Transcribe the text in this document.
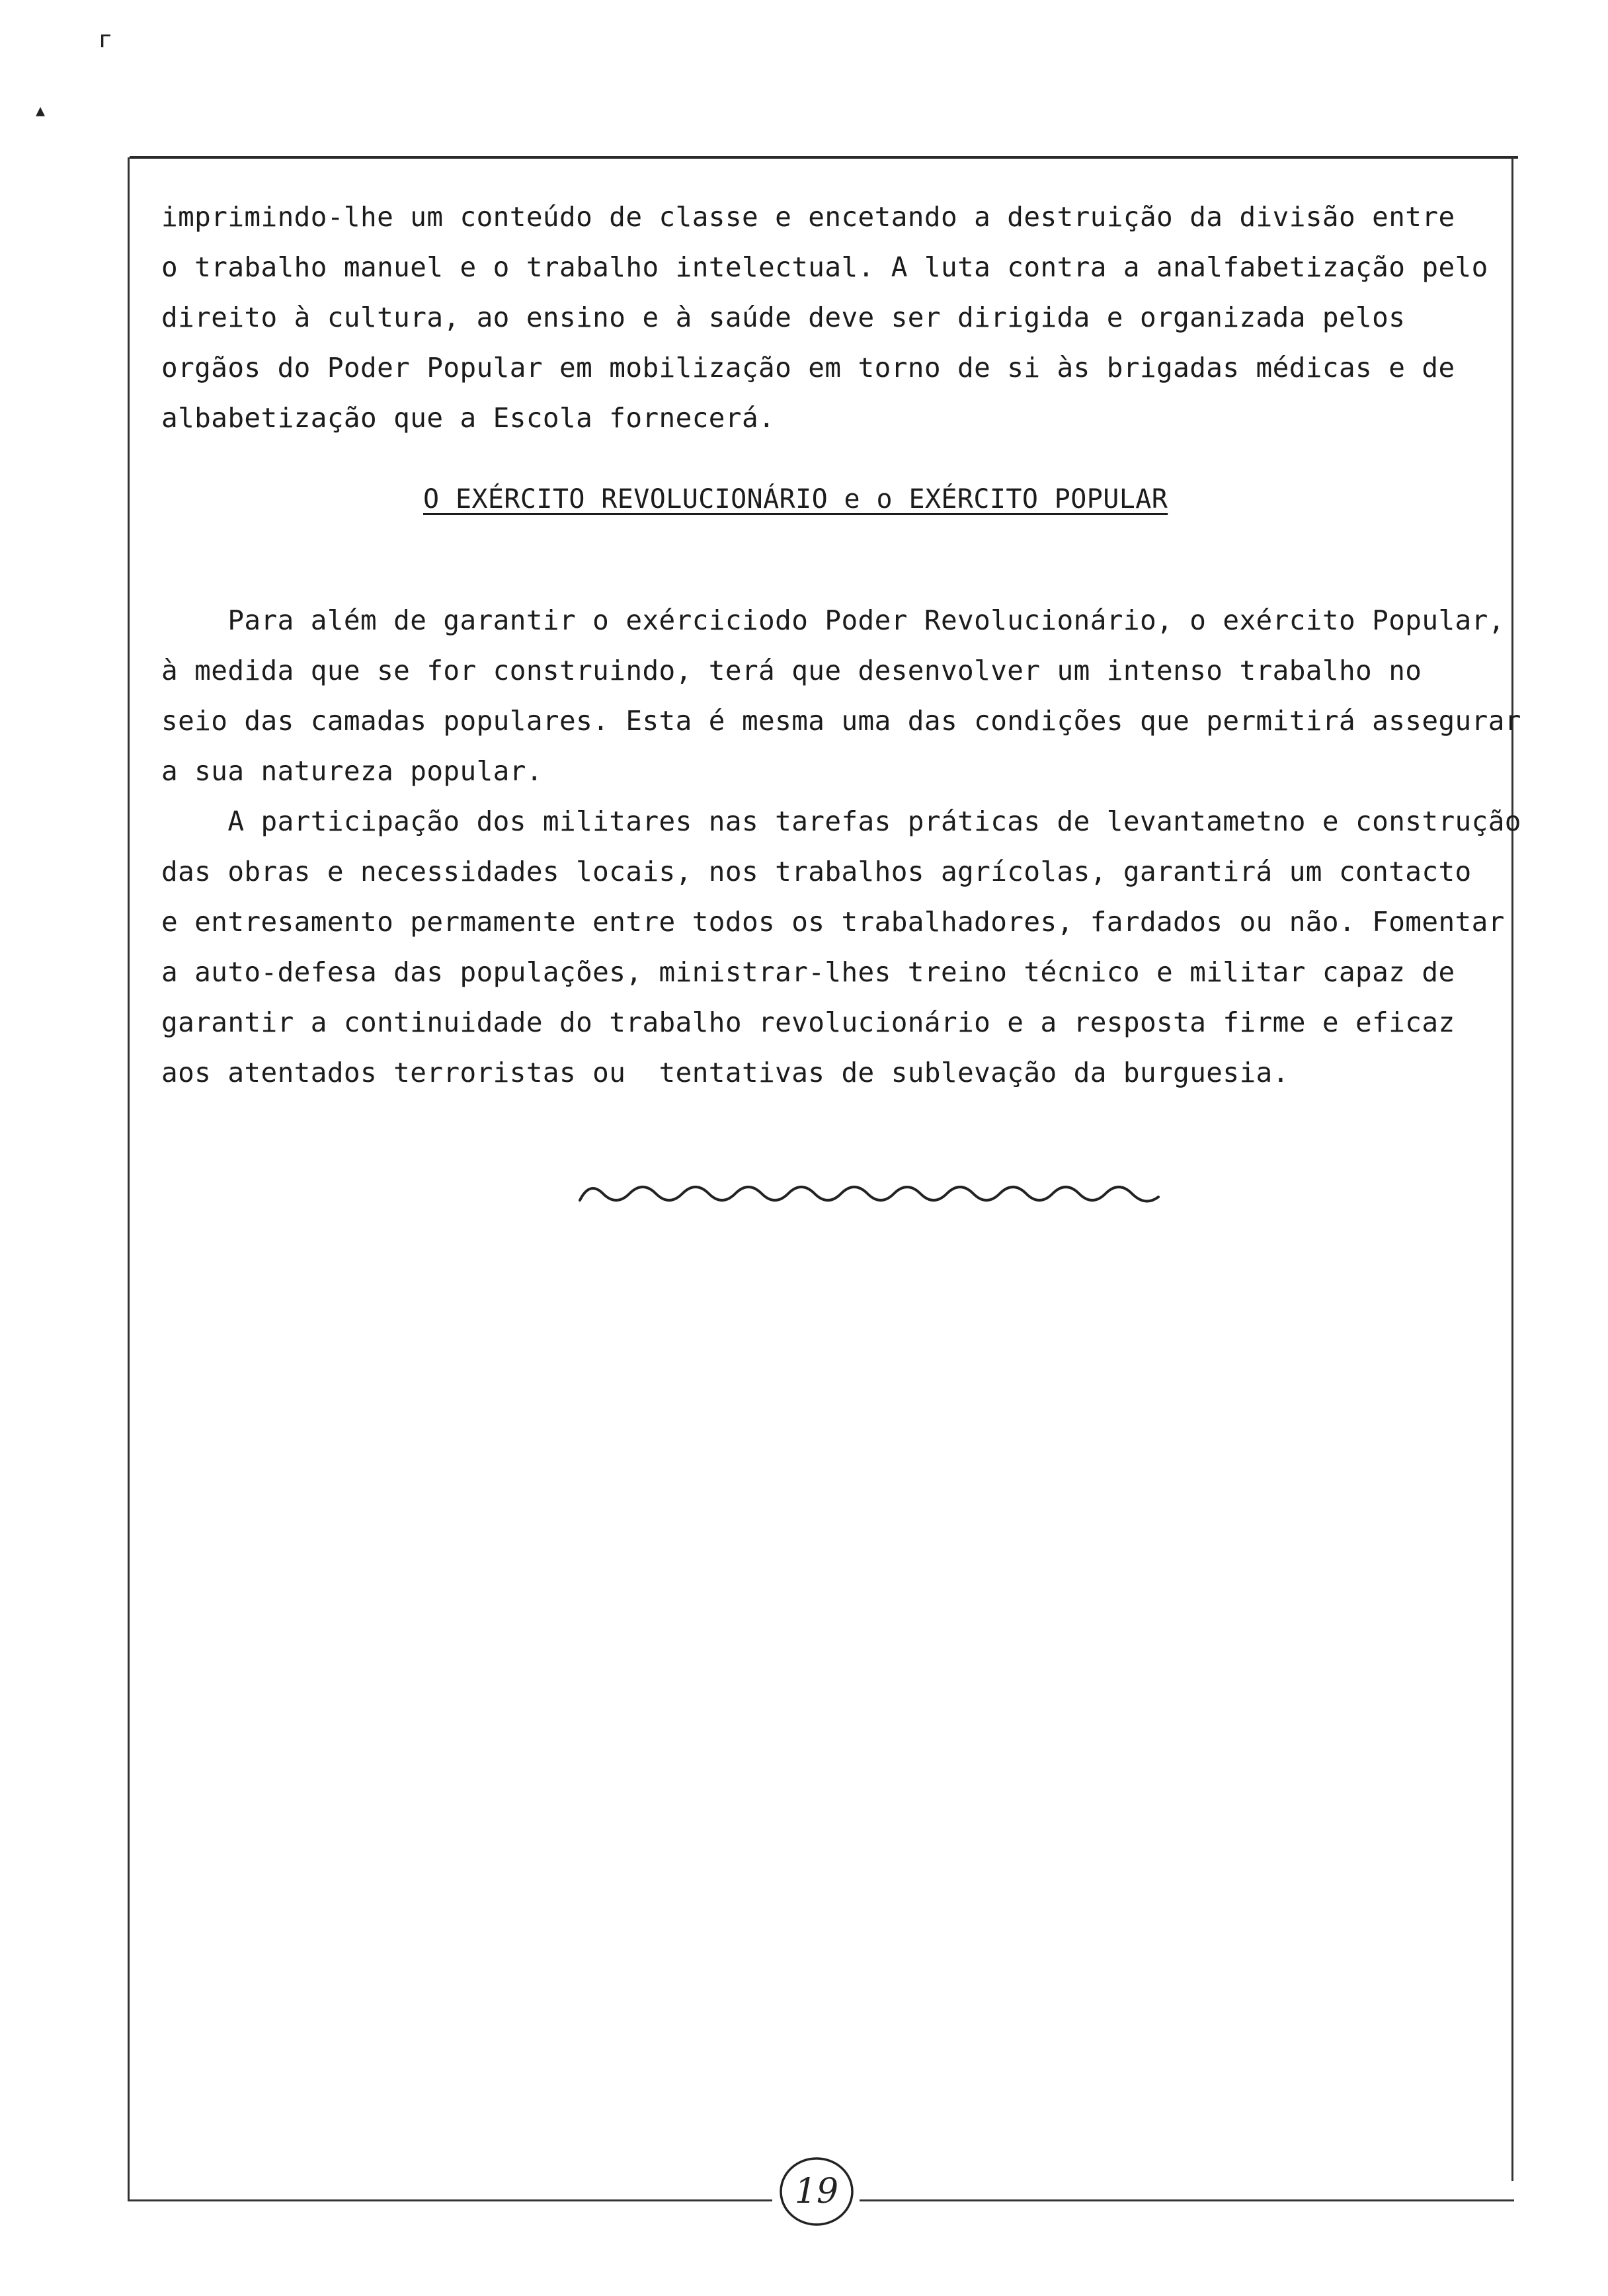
ᴦ
▴
imprimindo-lhe um conteúdo de classe e encetando a destruição da divisão entre
o trabalho manuel e o trabalho intelectual. A luta contra a analfabetização pelo
direito à cultura, ao ensino e à saúde deve ser dirigida e organizada pelos
orgãos do Poder Popular em mobilização em torno de si às brigadas médicas e de
albabetização que a Escola fornecerá.
O EXÉRCITO REVOLUCIONÁRIO e o EXÉRCITO POPULAR
Para além de garantir o exérciciodo Poder Revolucionário, o exército Popular,
à medida que se for construindo, terá que desenvolver um intenso trabalho no
seio das camadas populares. Esta é mesma uma das condições que permitirá assegurar
a sua natureza popular.
A participação dos militares nas tarefas práticas de levantametno e construção
das obras e necessidades locais, nos trabalhos agrícolas, garantirá um contacto
e entresamento permamente entre todos os trabalhadores, fardados ou não. Fomentar
a auto-defesa das populações, ministrar-lhes treino técnico e militar capaz de
garantir a continuidade do trabalho revolucionário e a resposta firme e eficaz
aos atentados terroristas ou  tentativas de sublevação da burguesia.
19
